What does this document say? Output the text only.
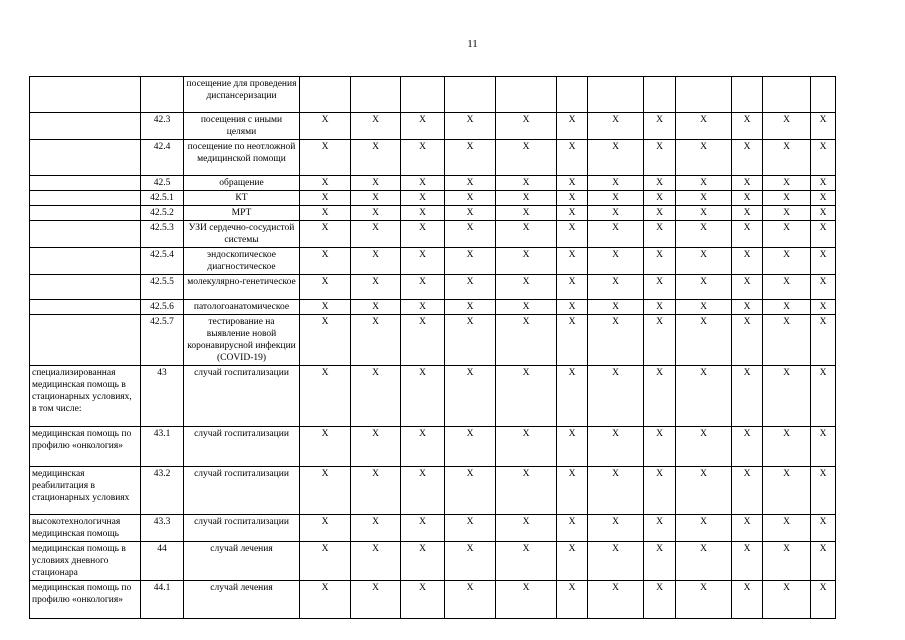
11
		посещение для проведения диспансеризации												
	42.3	посещения с иными целями	Х	Х	Х	Х	Х	Х	Х	Х	Х	Х	Х	Х
	42.4	посещение по неотложной медицинской помощи	Х	Х	Х	Х	Х	Х	Х	Х	Х	Х	Х	Х
	42.5	обращение	Х	Х	Х	Х	Х	Х	Х	Х	Х	Х	Х	Х
	42.5.1	КТ	Х	Х	Х	Х	Х	Х	Х	Х	Х	Х	Х	Х
	42.5.2	МРТ	Х	Х	Х	Х	Х	Х	Х	Х	Х	Х	Х	Х
	42.5.3	УЗИ сердечно-сосудистой системы	Х	Х	Х	Х	Х	Х	Х	Х	Х	Х	Х	Х
	42.5.4	эндоскопическое диагностическое	Х	Х	Х	Х	Х	Х	Х	Х	Х	Х	Х	Х
	42.5.5	молекулярно-генетическое	Х	Х	Х	Х	Х	Х	Х	Х	Х	Х	Х	Х
	42.5.6	патологоанатомическое	Х	Х	Х	Х	Х	Х	Х	Х	Х	Х	Х	Х
	42.5.7	тестирование на выявление новой коронавирусной инфекции (COVID-19)	Х	Х	Х	Х	Х	Х	Х	Х	Х	Х	Х	Х
специализированная медицинская помощь в стационарных условиях, в том числе:	43	случай госпитализации	Х	Х	Х	Х	Х	Х	Х	Х	Х	Х	Х	Х
медицинская помощь по профилю «онкология»	43.1	случай госпитализации	Х	Х	Х	Х	Х	Х	Х	Х	Х	Х	Х	Х
медицинская реабилитация в стационарных условиях	43.2	случай госпитализации	Х	Х	Х	Х	Х	Х	Х	Х	Х	Х	Х	Х
высокотехнологичная медицинская помощь	43.3	случай госпитализации	Х	Х	Х	Х	Х	Х	Х	Х	Х	Х	Х	Х
медицинская помощь в условиях дневного стационара	44	случай лечения	Х	Х	Х	Х	Х	Х	Х	Х	Х	Х	Х	Х
медицинская помощь по профилю «онкология»	44.1	случай лечения	Х	Х	Х	Х	Х	Х	Х	Х	Х	Х	Х	Х
